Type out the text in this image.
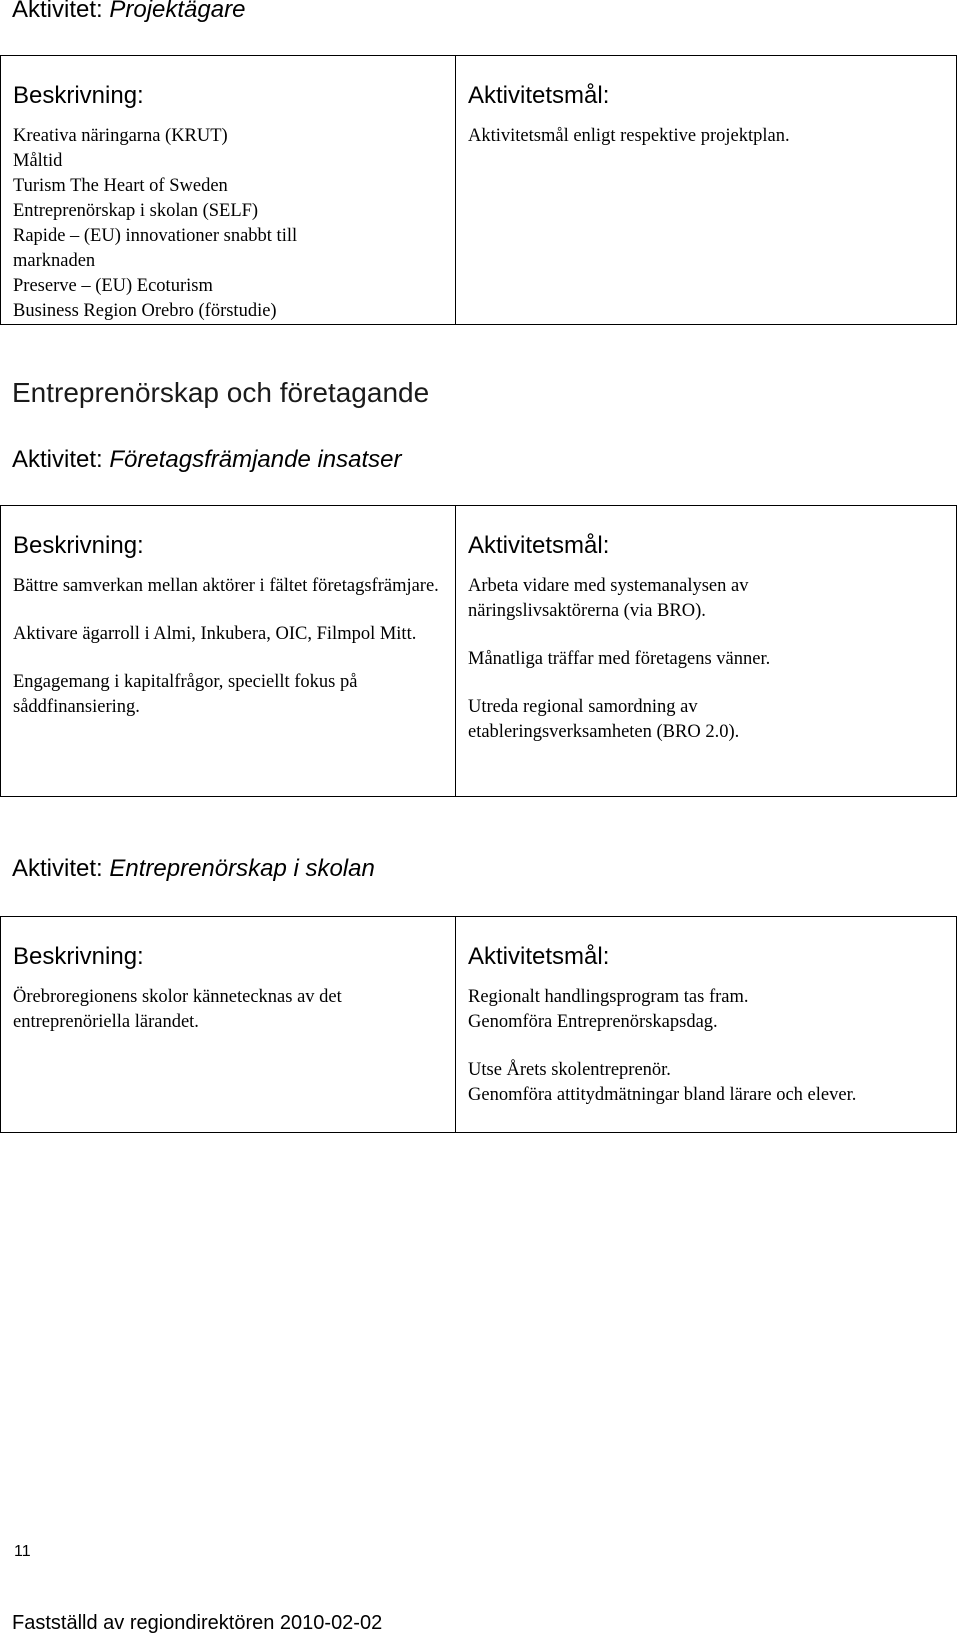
Aktivitet: Projektägare
Beskrivning:
Kreativa näringarna (KRUT)
Måltid
Turism The Heart of Sweden
Entreprenörskap i skolan (SELF)
Rapide – (EU) innovationer snabbt till
marknaden
Preserve – (EU) Ecoturism
Business Region Orebro (förstudie)

Aktivitetsmål:
Aktivitetsmål enligt respektive projektplan.
Entreprenörskap och företagande
Aktivitet: Företagsfrämjande insatser
Beskrivning:

Bättre samverkan mellan aktörer i fältet företagsfrämjare.

Aktivare ägarroll i Almi, Inkubera, OIC, Filmpol Mitt.

Engagemang i kapitalfrågor, speciellt fokus på såddfinansiering.

Aktivitetsmål:

Arbeta vidare med systemanalysen av näringslivsaktörerna (via BRO).

Månatliga träffar med företagens vänner.

Utreda regional samordning av etableringsverksamheten (BRO 2.0).

Aktivitet: Entreprenörskap i skolan
Beskrivning:
Örebroregionens skolor kännetecknas av det entreprenöriella lärandet.

Aktivitetsmål:
Regionalt handlingsprogram tas fram.
Genomföra Entreprenörskapsdag.
Utse Årets skolentreprenör.
Genomföra attitydmätningar bland lärare och elever.
11
Fastställd av regiondirektören 2010-02-02
